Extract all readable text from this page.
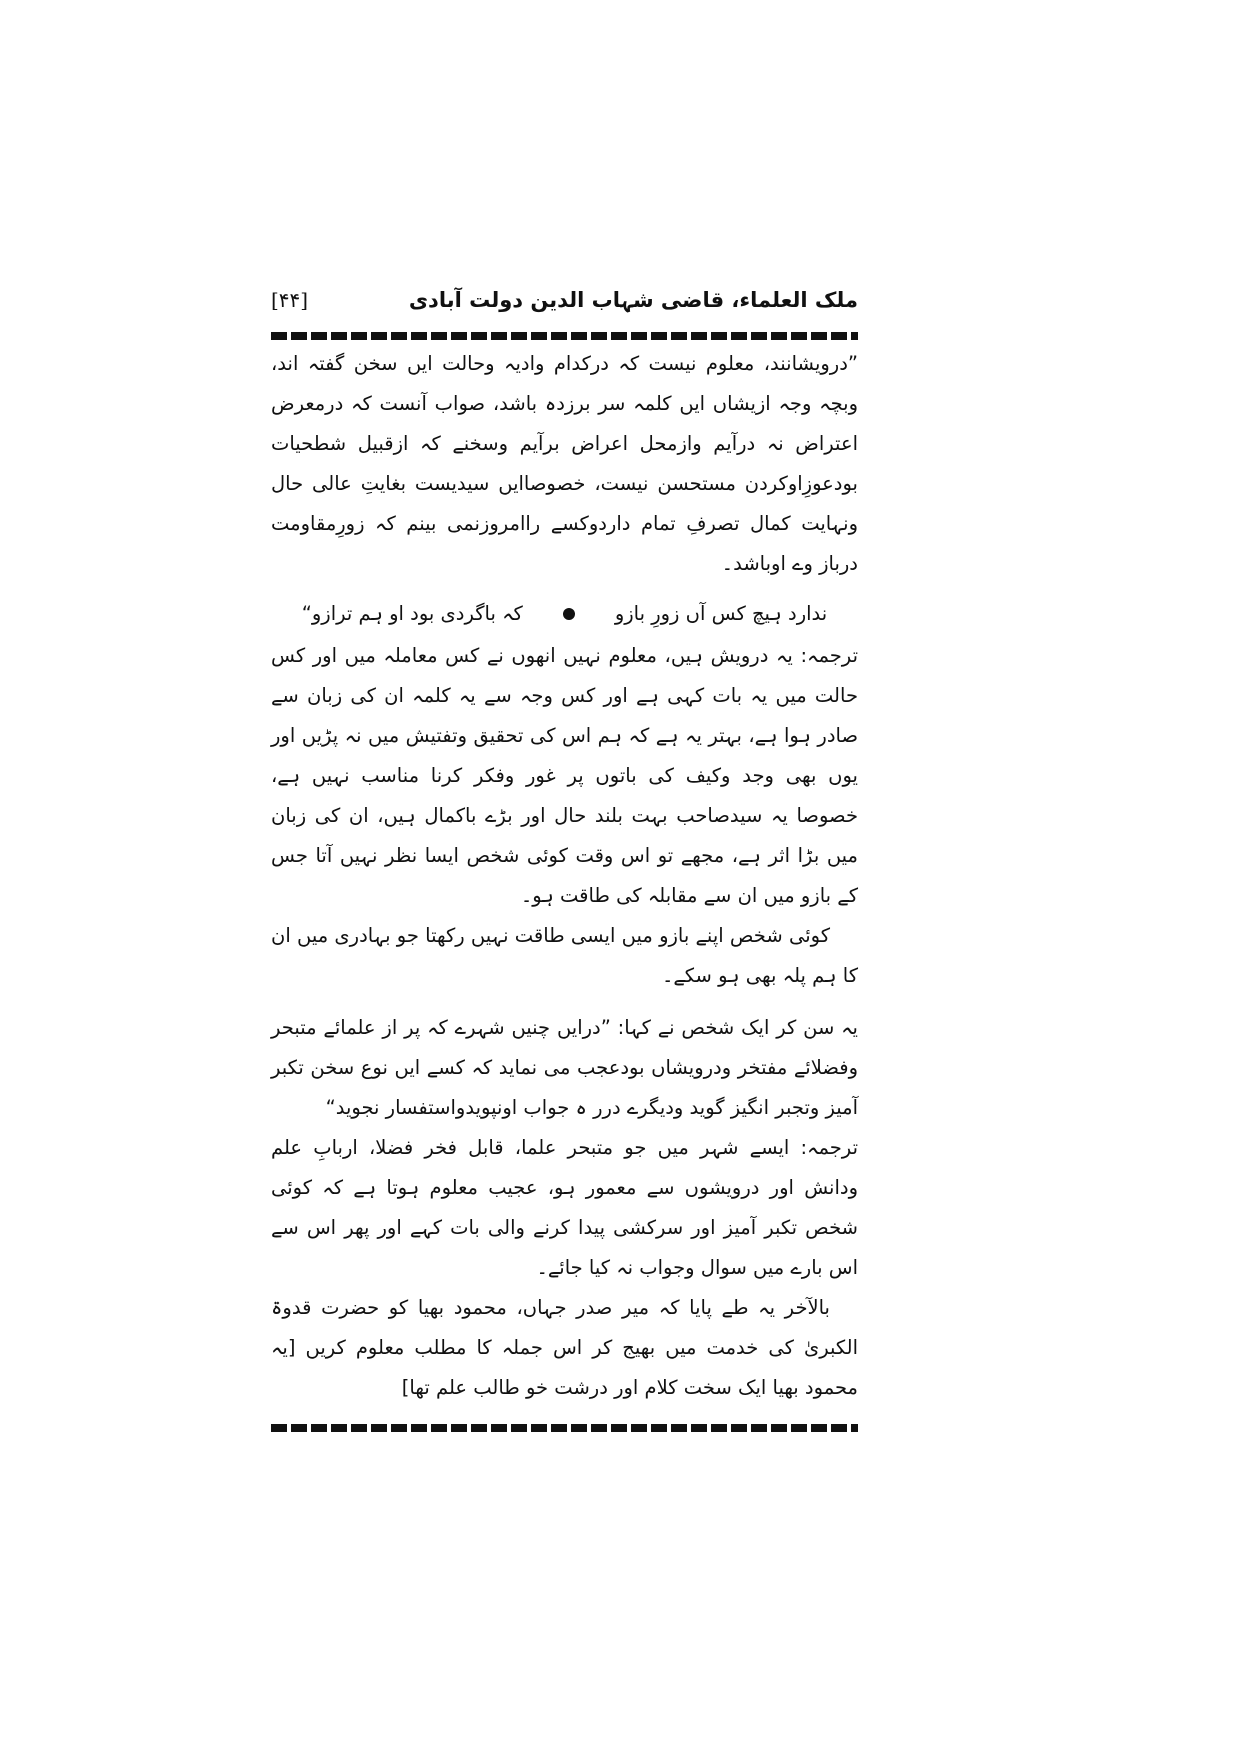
ملک العلماء، قاضی شہاب الدین دولت آبادی
[۴۴]

”درویشانند، معلوم نیست کہ درکدام وادیہ وحالت ایں سخن گفتہ اند، وبچہ وجہ ازیشاں ایں کلمہ سر برزدہ باشد، صواب آنست کہ درمعرض اعتراض نہ درآیم وازمحل اعراض برآیم وسخنے کہ ازقبیل شطحیات بودعوزِاوکردن مستحسن نیست، خصوصاایں سیدیست بغایتِ عالی حال ونہایت کمال تصرفِ تمام داردوکسے راامروزنمی بینم کہ زورِمقاومت درباز وے اوباشد۔

ندارد ہیچ کس آں زورِ بازو
کہ باگردی بود او ہم ترازو“

ترجمہ: یہ درویش ہیں، معلوم نہیں انھوں نے کس معاملہ میں اور کس حالت میں یہ بات کہی ہے اور کس وجہ سے یہ کلمہ ان کی زبان سے صادر ہوا ہے، بہتر یہ ہے کہ ہم اس کی تحقیق وتفتیش میں نہ پڑیں اور یوں بھی وجد وکیف کی باتوں پر غور وفکر کرنا مناسب نہیں ہے، خصوصا یہ سیدصاحب بہت بلند حال اور بڑے باکمال ہیں، ان کی زبان میں بڑا اثر ہے، مجھے تو اس وقت کوئی شخص ایسا نظر نہیں آتا جس کے بازو میں ان سے مقابلہ کی طاقت ہو۔

کوئی شخص اپنے بازو میں ایسی طاقت نہیں رکھتا جو بہادری میں ان کا ہم پلہ بھی ہو سکے۔

یہ سن کر ایک شخص نے کہا: ”درایں چنیں شہرے کہ پر از علمائے متبحر وفضلائے مفتخر ودرویشاں بودعجب می نماید کہ کسے ایں نوع سخن تکبر آمیز وتجبر انگیز گوید ودیگرے درر ہ جواب اونپویدواستفسار نجوید“

ترجمہ: ایسے شہر میں جو متبحر علما، قابل فخر فضلا، اربابِ علم ودانش اور درویشوں سے معمور ہو، عجیب معلوم ہوتا ہے کہ کوئی شخص تکبر آمیز اور سرکشی پیدا کرنے والی بات کہے اور پھر اس سے اس بارے میں سوال وجواب نہ کیا جائے۔

بالآخر یہ طے پایا کہ میر صدر جہاں، محمود بھیا کو حضرت قدوۃ الکبریٰ کی خدمت میں بھیج کر اس جملہ کا مطلب معلوم کریں [یہ محمود بھیا ایک سخت کلام اور درشت خو طالب علم تھا]
